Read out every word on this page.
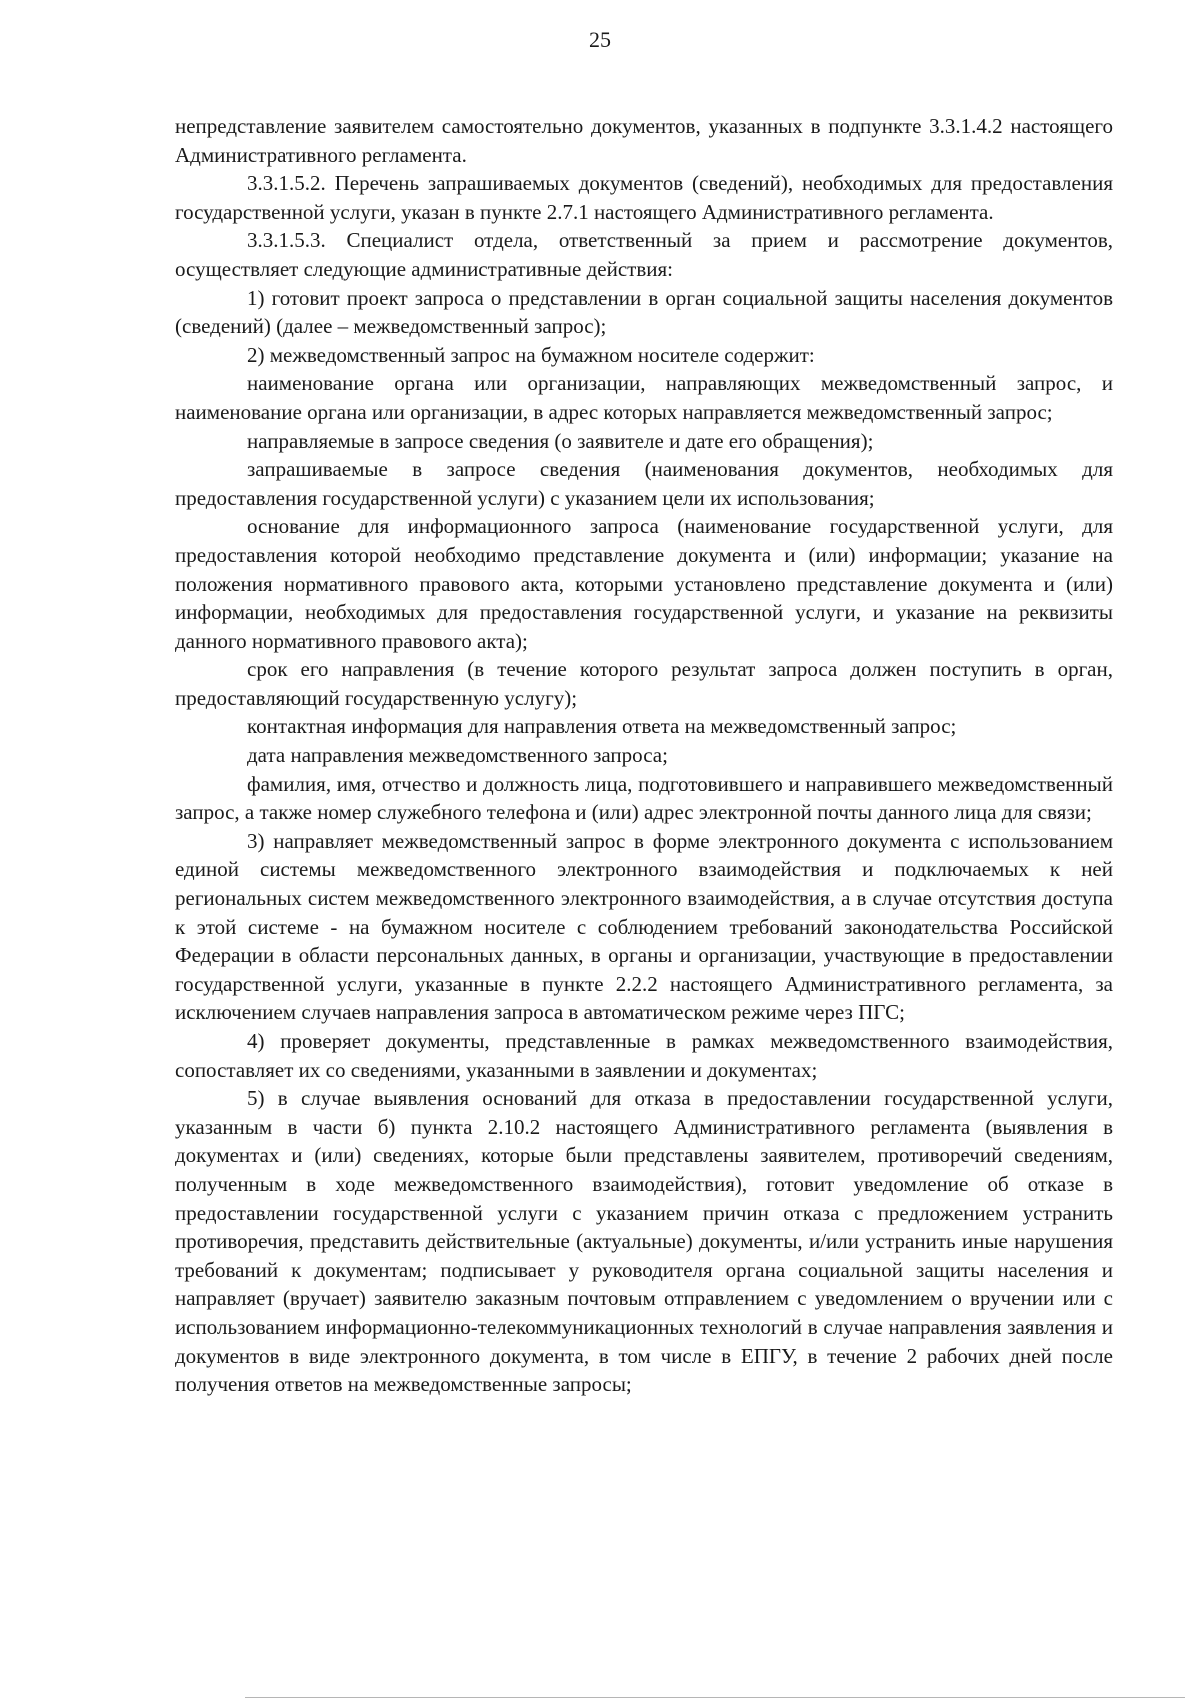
25

непредставление заявителем самостоятельно документов, указанных в подпункте 3.3.1.4.2 настоящего Административного регламента.

3.3.1.5.2. Перечень запрашиваемых документов (сведений), необходимых для предоставления государственной услуги, указан в пункте 2.7.1 настоящего Административного регламента.

3.3.1.5.3. Специалист отдела, ответственный за прием и рассмотрение документов, осуществляет следующие административные действия:

1) готовит проект запроса о представлении в орган социальной защиты населения документов (сведений) (далее – межведомственный запрос);

2) межведомственный запрос на бумажном носителе содержит:

наименование органа или организации, направляющих межведомственный запрос, и наименование органа или организации, в адрес которых направляется межведомственный запрос;

направляемые в запросе сведения (о заявителе и дате его обращения);

запрашиваемые в запросе сведения (наименования документов, необходимых для предоставления государственной услуги) с указанием цели их использования;

основание для информационного запроса (наименование государственной услуги, для предоставления которой необходимо представление документа и (или) информации; указание на положения нормативного правового акта, которыми установлено представление документа и (или) информации, необходимых для предоставления государственной услуги, и указание на реквизиты данного нормативного правового акта);

срок его направления (в течение которого результат запроса должен поступить в орган, предоставляющий государственную услугу);

контактная информация для направления ответа на межведомственный запрос;

дата направления межведомственного запроса;

фамилия, имя, отчество и должность лица, подготовившего и направившего межведомственный запрос, а также номер служебного телефона и (или) адрес электронной почты данного лица для связи;

3) направляет межведомственный запрос в форме электронного документа с использованием единой системы межведомственного электронного взаимодействия и подключаемых к ней региональных систем межведомственного электронного взаимодействия, а в случае отсутствия доступа к этой системе - на бумажном носителе с соблюдением требований законодательства Российской Федерации в области персональных данных, в органы и организации, участвующие в предоставлении государственной услуги, указанные в пункте 2.2.2 настоящего Административного регламента, за исключением случаев направления запроса в автоматическом режиме через ПГС;

4) проверяет документы, представленные в рамках межведомственного взаимодействия, сопоставляет их со сведениями, указанными в заявлении и документах;

5) в случае выявления оснований для отказа в предоставлении государственной услуги, указанным в части б) пункта 2.10.2 настоящего Административного регламента (выявления в документах и (или) сведениях, которые были представлены заявителем, противоречий сведениям, полученным в ходе межведомственного взаимодействия), готовит уведомление об отказе в предоставлении государственной услуги с указанием причин отказа с предложением устранить противоречия, представить действительные (актуальные) документы, и/или устранить иные нарушения требований к документам; подписывает у руководителя органа социальной защиты населения и направляет (вручает) заявителю заказным почтовым отправлением с уведомлением о вручении или с использованием информационно-телекоммуникационных технологий в случае направления заявления и документов в виде электронного документа, в том числе в ЕПГУ, в течение 2 рабочих дней после получения ответов на межведомственные запросы;
